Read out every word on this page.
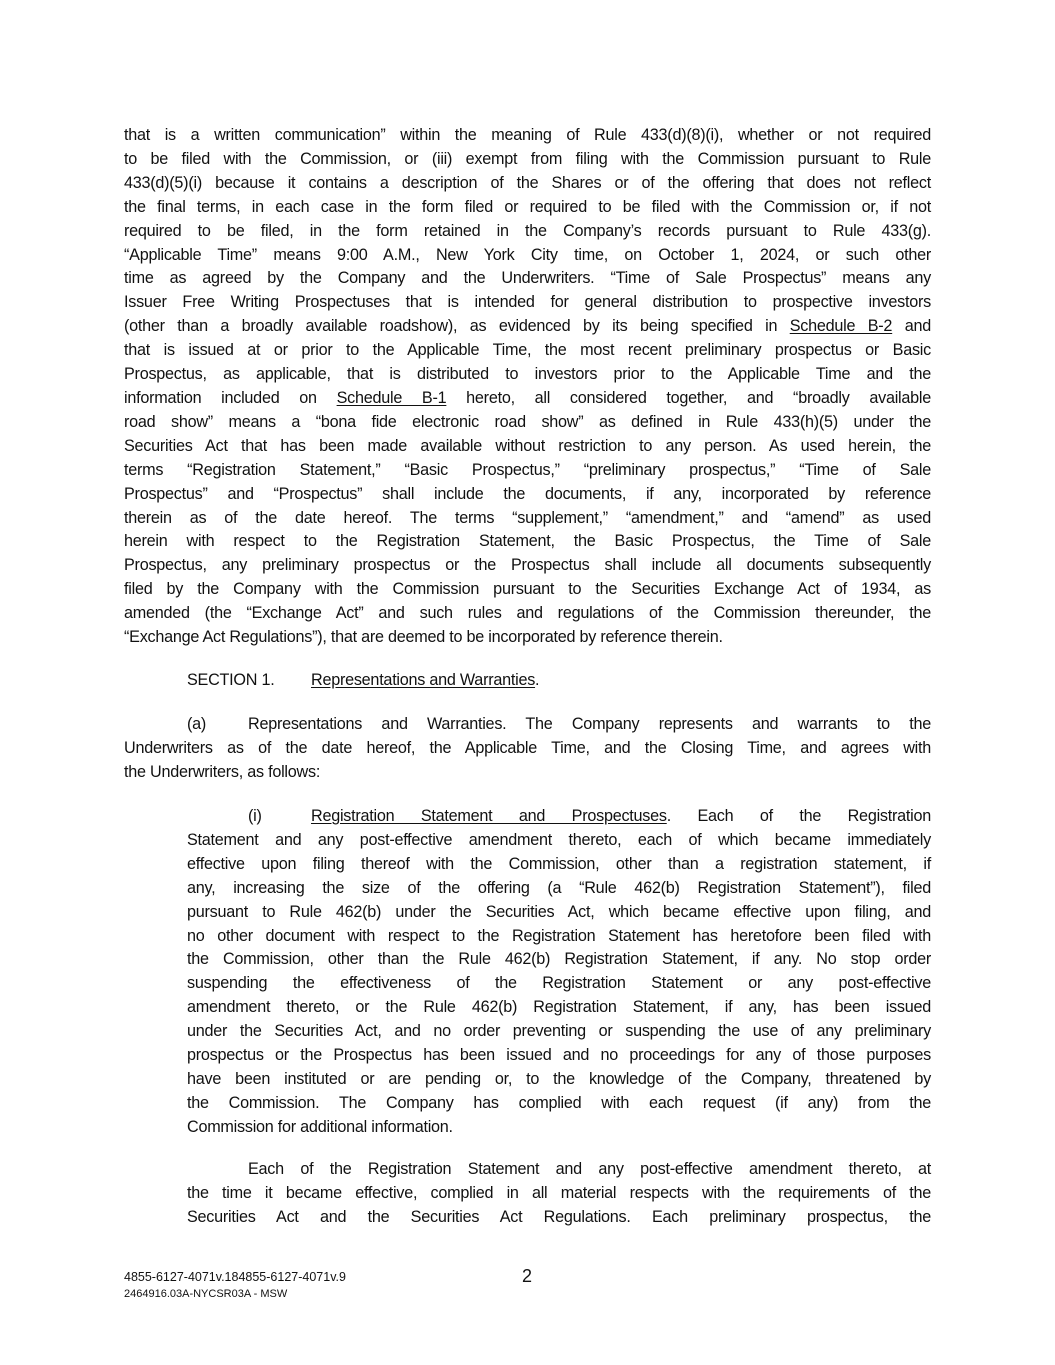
that is a written communication” within the meaning of Rule 433(d)(8)(i), whether or not required
to be filed with the Commission, or (iii) exempt from filing with the Commission pursuant to Rule
433(d)(5)(i) because it contains a description of the Shares or of the offering that does not reflect
the final terms, in each case in the form filed or required to be filed with the Commission or, if not
required to be filed, in the form retained in the Company’s records pursuant to Rule 433(g).
“Applicable Time” means 9:00 A.M., New York City time, on October 1, 2024, or such other
time as agreed by the Company and the Underwriters. “Time of Sale Prospectus” means any
Issuer Free Writing Prospectuses that is intended for general distribution to prospective investors
(other than a broadly available roadshow), as evidenced by its being specified in Schedule B-2 and
that is issued at or prior to the Applicable Time, the most recent preliminary prospectus or Basic
Prospectus, as applicable, that is distributed to investors prior to the Applicable Time and the
information included on Schedule B-1 hereto, all considered together, and “broadly available
road show” means a “bona fide electronic road show” as defined in Rule 433(h)(5) under the
Securities Act that has been made available without restriction to any person. As used herein, the
terms “Registration Statement,” “Basic Prospectus,” “preliminary prospectus,” “Time of Sale
Prospectus” and “Prospectus” shall include the documents, if any, incorporated by reference
therein as of the date hereof. The terms “supplement,” “amendment,” and “amend” as used
herein with respect to the Registration Statement, the Basic Prospectus, the Time of Sale
Prospectus, any preliminary prospectus or the Prospectus shall include all documents subsequently
filed by the Company with the Commission pursuant to the Securities Exchange Act of 1934, as
amended (the “Exchange Act” and such rules and regulations of the Commission thereunder, the
“Exchange Act Regulations”), that are deemed to be incorporated by reference therein.
SECTION 1.	Representations and Warranties.
(a)	Representations and Warranties. The Company represents and warrants to the
Underwriters as of the date hereof, the Applicable Time, and the Closing Time, and agrees with
the Underwriters, as follows:
(i)	Registration Statement and Prospectuses. Each of the Registration
Statement and any post-effective amendment thereto, each of which became immediately
effective upon filing thereof with the Commission, other than a registration statement, if
any, increasing the size of the offering (a “Rule 462(b) Registration Statement”), filed
pursuant to Rule 462(b) under the Securities Act, which became effective upon filing, and
no other document with respect to the Registration Statement has heretofore been filed with
the Commission, other than the Rule 462(b) Registration Statement, if any. No stop order
suspending the effectiveness of the Registration Statement or any post-effective
amendment thereto, or the Rule 462(b) Registration Statement, if any, has been issued
under the Securities Act, and no order preventing or suspending the use of any preliminary
prospectus or the Prospectus has been issued and no proceedings for any of those purposes
have been instituted or are pending or, to the knowledge of the Company, threatened by
the Commission. The Company has complied with each request (if any) from the
Commission for additional information.
Each of the Registration Statement and any post-effective amendment thereto, at
the time it became effective, complied in all material respects with the requirements of the
Securities Act and the Securities Act Regulations. Each preliminary prospectus, the
4855-6127-4071v.184855-6127-4071v.9
2464916.03A-NYCSR03A - MSW
2
